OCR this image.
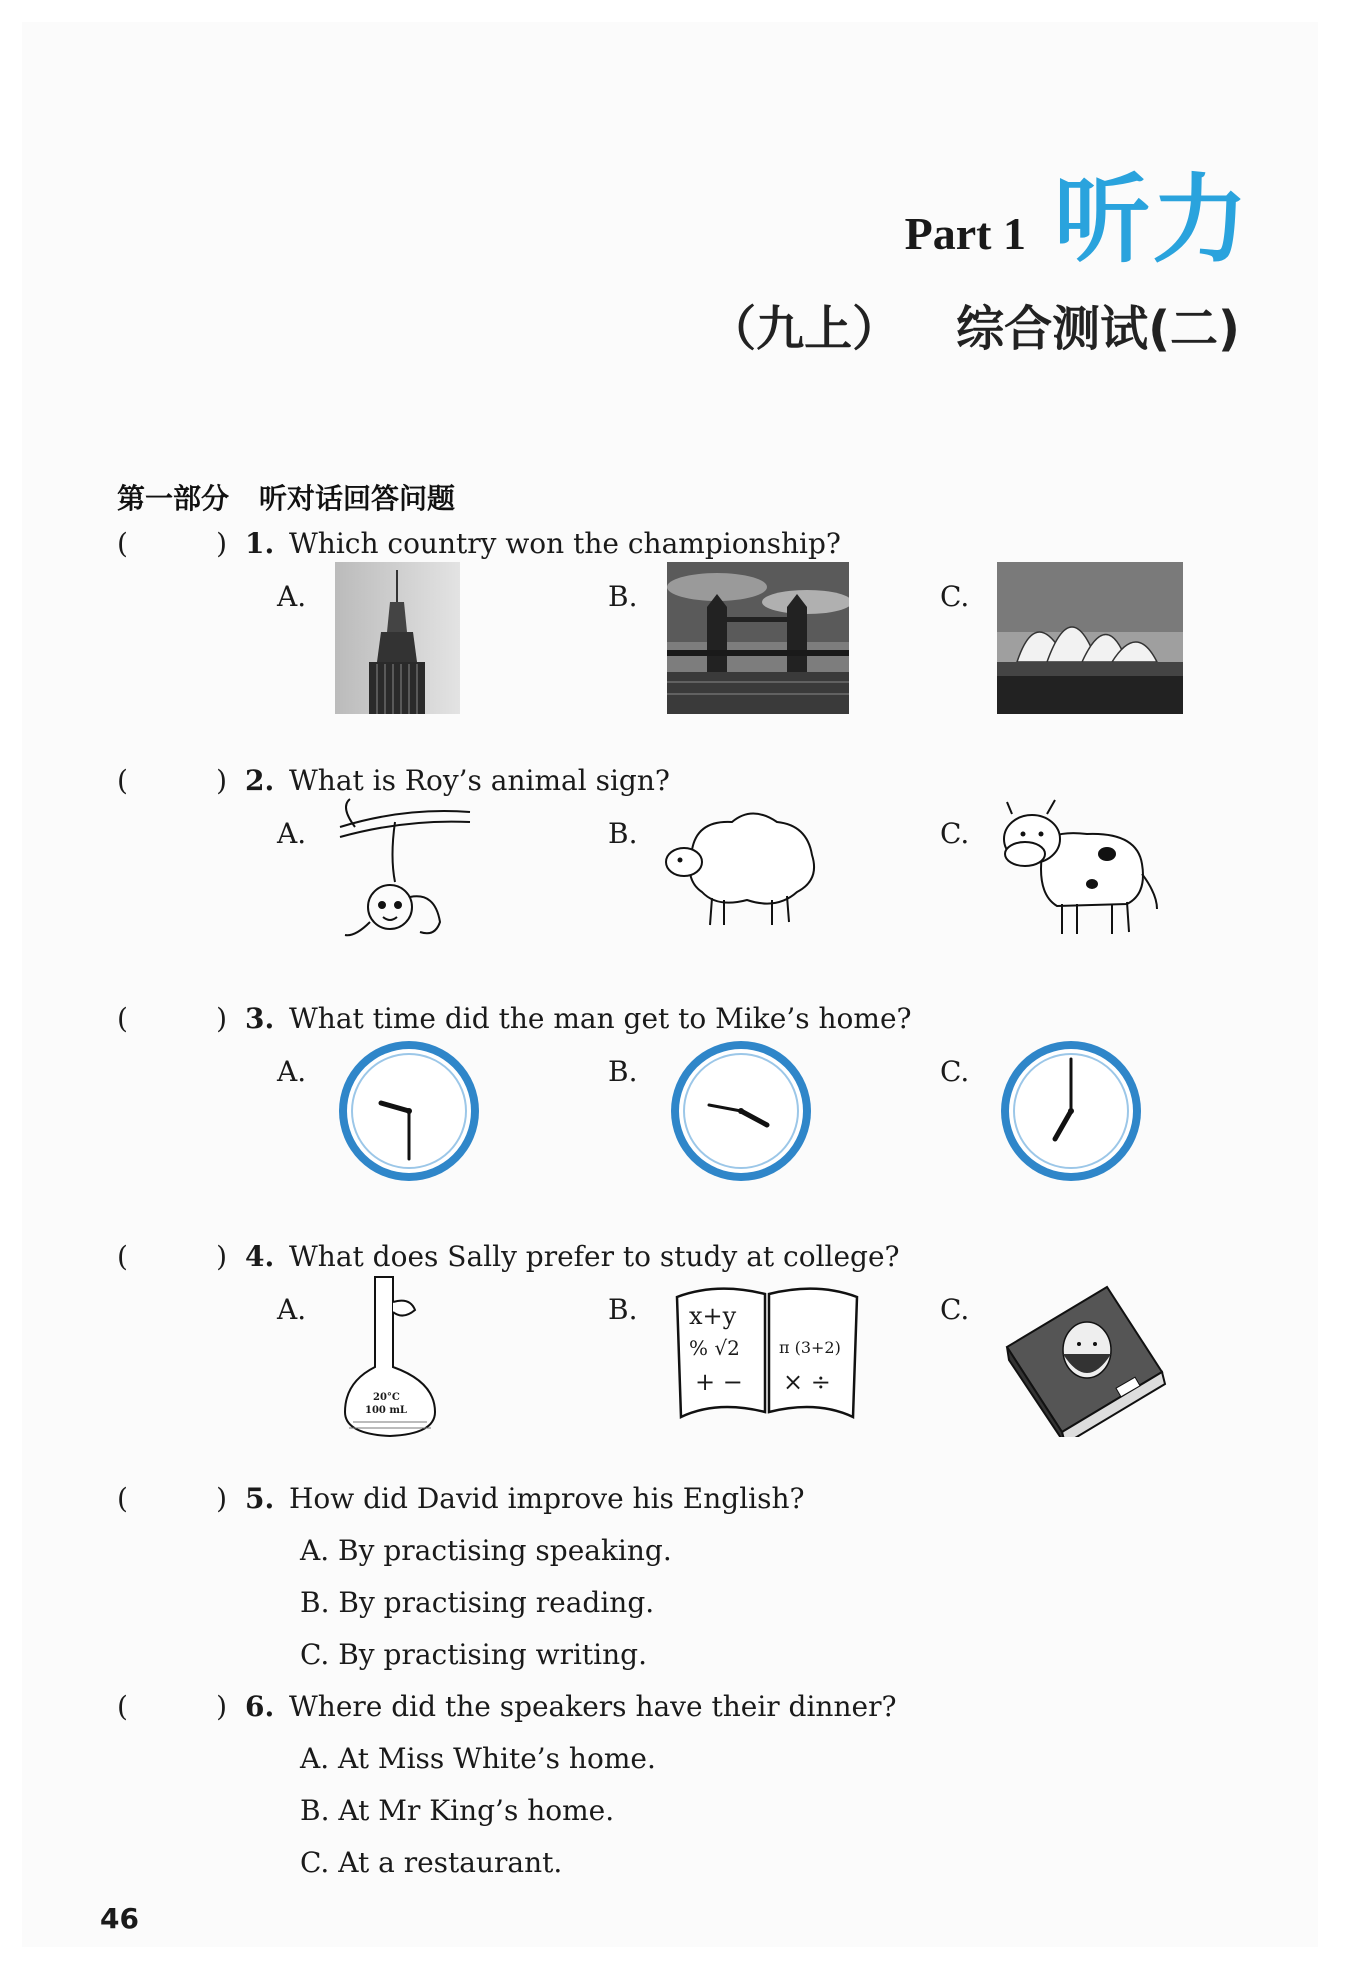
Part 1 听力
（九上） 综合测试(二)
第一部分 听对话回答问题
(	) 1. Which country won the championship?
A.	B.	C.
(	) 2. What is Roy’s animal sign?
A.	B.	C.
(	) 3. What time did the man get to Mike’s home?
A.	B.	C.
(	) 4. What does Sally prefer to study at college?
A.	B.	C.
20°C
100 mL
x+y
% √2
+ −
π (3+2)
× ÷
(	) 5. How did David improve his English?
A. By practising speaking.
B. By practising reading.
C. By practising writing.
(	) 6. Where did the speakers have their dinner?
A. At Miss White’s home.
B. At Mr King’s home.
C. At a restaurant.
46
